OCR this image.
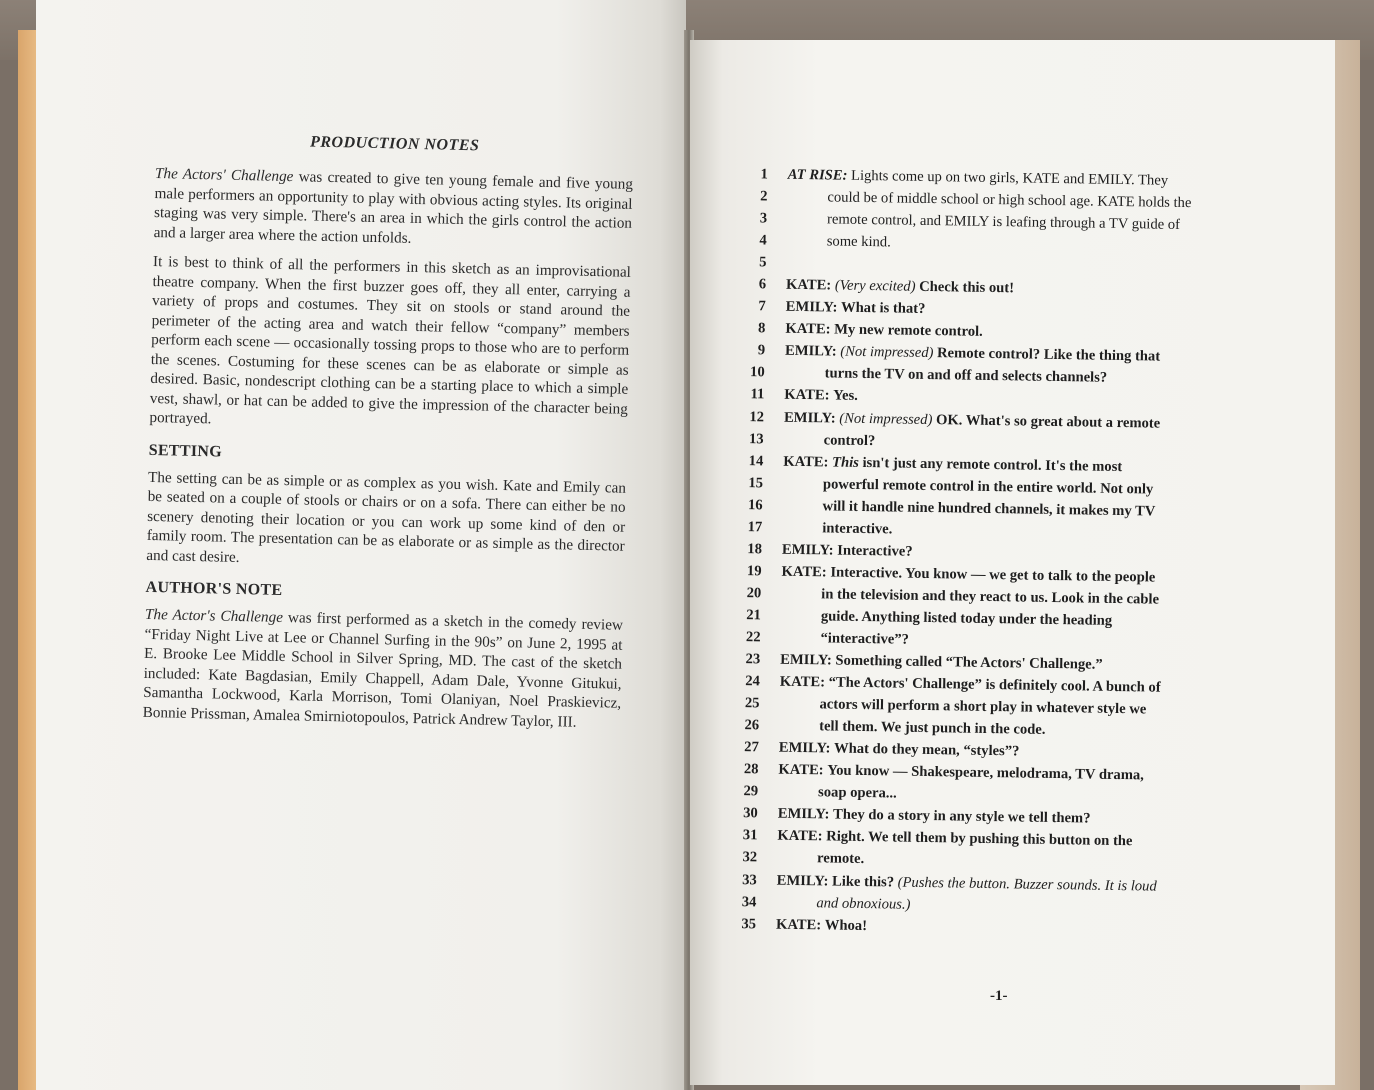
PRODUCTION NOTES

The Actors' Challenge was created to give ten young female and five young male performers an opportunity to play with obvious acting styles. Its original staging was very simple. There's an area in which the girls control the action and a larger area where the action unfolds.

It is best to think of all the performers in this sketch as an improvisational theatre company. When the first buzzer goes off, they all enter, carrying a variety of props and costumes. They sit on stools or stand around the perimeter of the acting area and watch their fellow “company” members perform each scene — occasionally tossing props to those who are to perform the scenes. Costuming for these scenes can be as elaborate or simple as desired. Basic, nondescript clothing can be a starting place to which a simple vest, shawl, or hat can be added to give the impression of the character being portrayed.

SETTING

The setting can be as simple or as complex as you wish. Kate and Emily can be seated on a couple of stools or chairs or on a sofa. There can either be no scenery denoting their location or you can work up some kind of den or family room. The presentation can be as elaborate or as simple as the director and cast desire.

AUTHOR'S NOTE

The Actor's Challenge was first performed as a sketch in the comedy review “Friday Night Live at Lee or Channel Surfing in the 90s” on June 2, 1995 at E. Brooke Lee Middle School in Silver Spring, MD. The cast of the sketch included: Kate Bagdasian, Emily Chappell, Adam Dale, Yvonne Gitukui, Samantha Lockwood, Karla Morrison, Tomi Olaniyan, Noel Praskievicz, Bonnie Prissman, Amalea Smirniotopoulos, Patrick Andrew Taylor, III.

1 AT RISE: Lights come up on two girls, KATE and EMILY. They
2	could be of middle school or high school age. KATE holds the
3	remote control, and EMILY is leafing through a TV guide of
4	some kind.
5
6 KATE: (Very excited) Check this out!
7 EMILY: What is that?
8 KATE: My new remote control.
9 EMILY: (Not impressed) Remote control? Like the thing that
10	turns the TV on and off and selects channels?
11 KATE: Yes.
12 EMILY: (Not impressed) OK. What's so great about a remote
13	control?
14 KATE: This isn't just any remote control. It's the most
15	powerful remote control in the entire world. Not only
16	will it handle nine hundred channels, it makes my TV
17	interactive.
18 EMILY: Interactive?
19 KATE: Interactive. You know — we get to talk to the people
20	in the television and they react to us. Look in the cable
21	guide. Anything listed today under the heading
22	“interactive”?
23 EMILY: Something called “The Actors' Challenge.”
24 KATE: “The Actors' Challenge” is definitely cool. A bunch of
25	actors will perform a short play in whatever style we
26	tell them. We just punch in the code.
27 EMILY: What do they mean, “styles”?
28 KATE: You know — Shakespeare, melodrama, TV drama,
29	soap opera...
30 EMILY: They do a story in any style we tell them?
31 KATE: Right. We tell them by pushing this button on the
32	remote.
33 EMILY: Like this? (Pushes the button. Buzzer sounds. It is loud
34	and obnoxious.)
35 KATE: Whoa!
-1-
